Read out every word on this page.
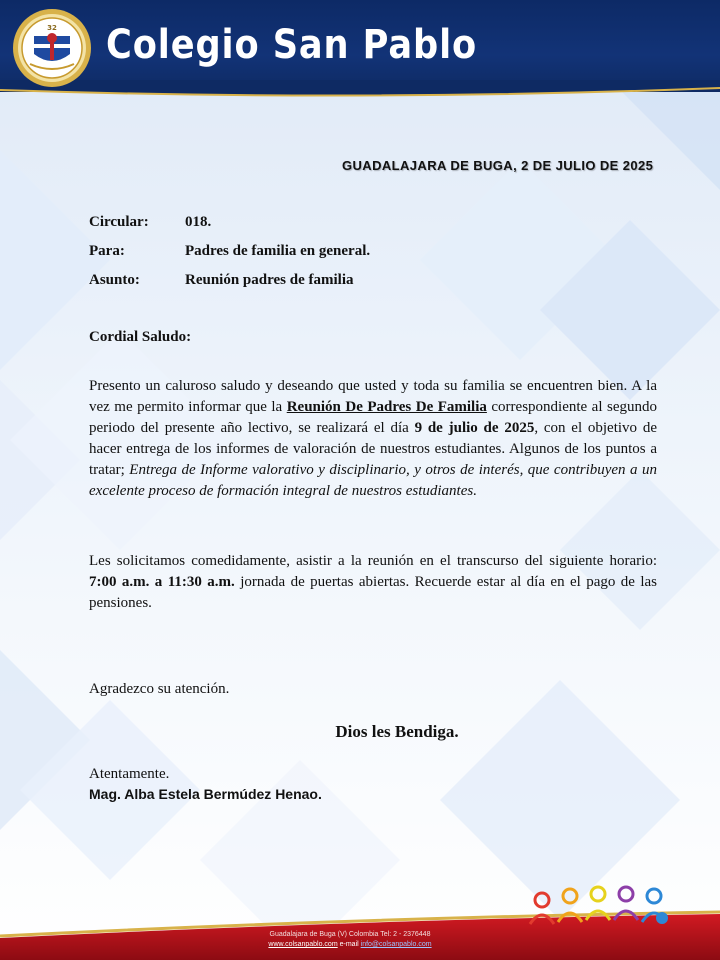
32 Colegio San Pablo
GUADALAJARA DE BUGA, 2 DE JULIO DE 2025
Circular: 018.
Para:	Padres de familia en general.
Asunto:	Reunión padres de familia
Cordial Saludo:
Presento un caluroso saludo y deseando que usted y toda su familia se encuentren bien. A la vez me permito informar que la Reunión De Padres De Familia correspondiente al segundo periodo del presente año lectivo, se realizará el día 9 de julio de 2025, con el objetivo de hacer entrega de los informes de valoración de nuestros estudiantes. Algunos de los puntos a tratar; Entrega de Informe valorativo y disciplinario, y otros de interés, que contribuyen a un excelente proceso de formación integral de nuestros estudiantes.
Les solicitamos comedidamente, asistir a la reunión en el transcurso del siguiente horario: 7:00 a.m. a 11:30 a.m. jornada de puertas abiertas. Recuerde estar al día en el pago de las pensiones.
Agradezco su atención.
Dios les Bendiga.
Atentamente.
Mag. Alba Estela Bermúdez Henao.
Guadalajara de Buga (V) Colombia Tel: 2 - 2376448
www.colsanpablo.com e-mail info@colsanpablo.com
